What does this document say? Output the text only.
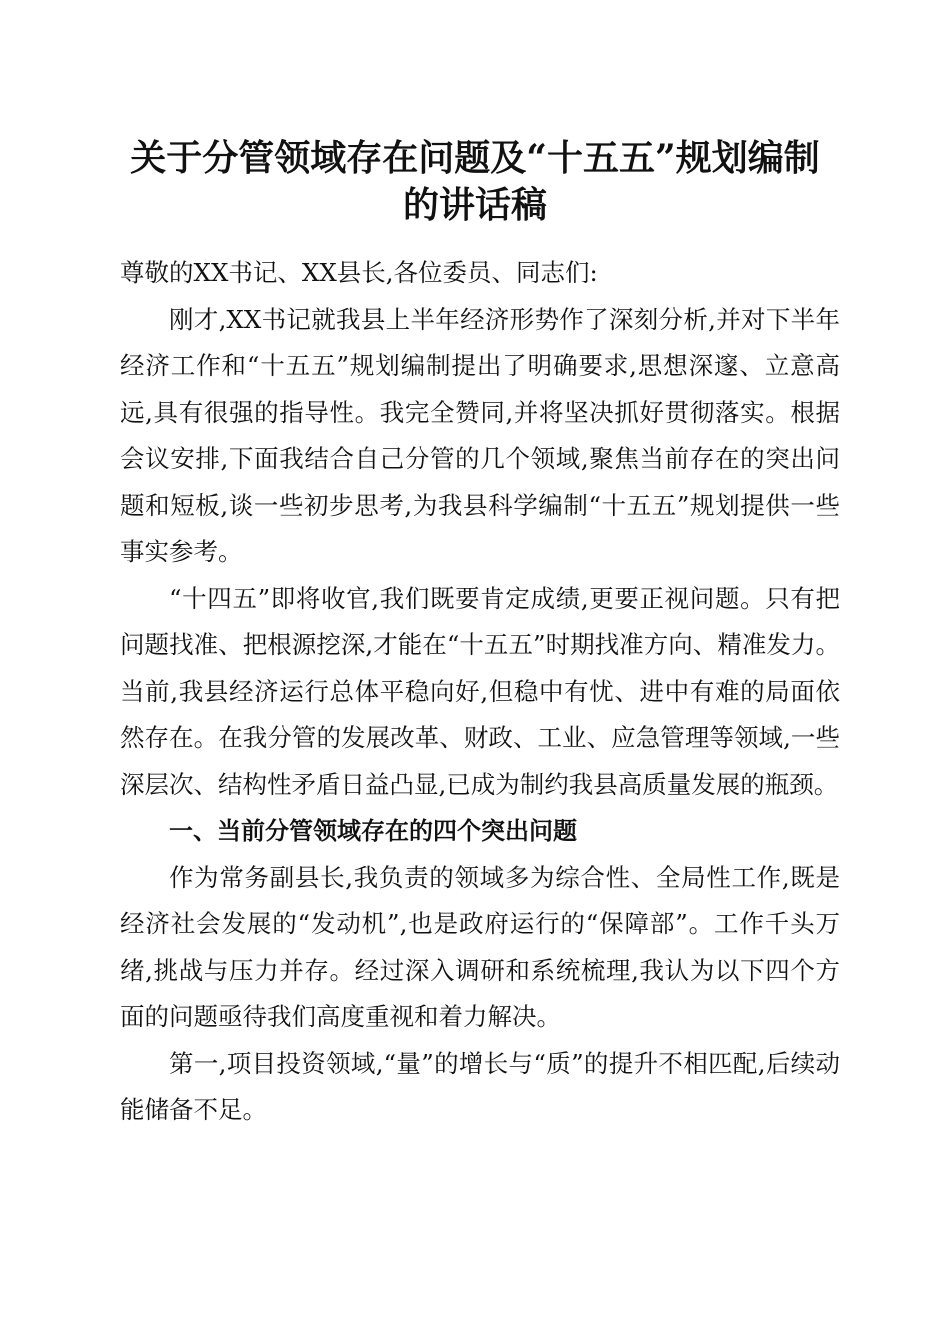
关于分管领域存在问题及“十五五”规划编制
的讲话稿

尊敬的XX书记、XX县长,各位委员、同志们:

刚才,XX书记就我县上半年经济形势作了深刻分析,并对下半年经济工作和“十五五”规划编制提出了明确要求,思想深邃、立意高远,具有很强的指导性。我完全赞同,并将坚决抓好贯彻落实。根据会议安排,下面我结合自己分管的几个领域,聚焦当前存在的突出问题和短板,谈一些初步思考,为我县科学编制“十五五”规划提供一些事实参考。

“十四五”即将收官,我们既要肯定成绩,更要正视问题。只有把问题找准、把根源挖深,才能在“十五五”时期找准方向、精准发力。当前,我县经济运行总体平稳向好,但稳中有忧、进中有难的局面依然存在。在我分管的发展改革、财政、工业、应急管理等领域,一些深层次、结构性矛盾日益凸显,已成为制约我县高质量发展的瓶颈。

一、当前分管领域存在的四个突出问题

作为常务副县长,我负责的领域多为综合性、全局性工作,既是经济社会发展的“发动机”,也是政府运行的“保障部”。工作千头万绪,挑战与压力并存。经过深入调研和系统梳理,我认为以下四个方面的问题亟待我们高度重视和着力解决。

第一,项目投资领域,“量”的增长与“质”的提升不相匹配,后续动能储备不足。
